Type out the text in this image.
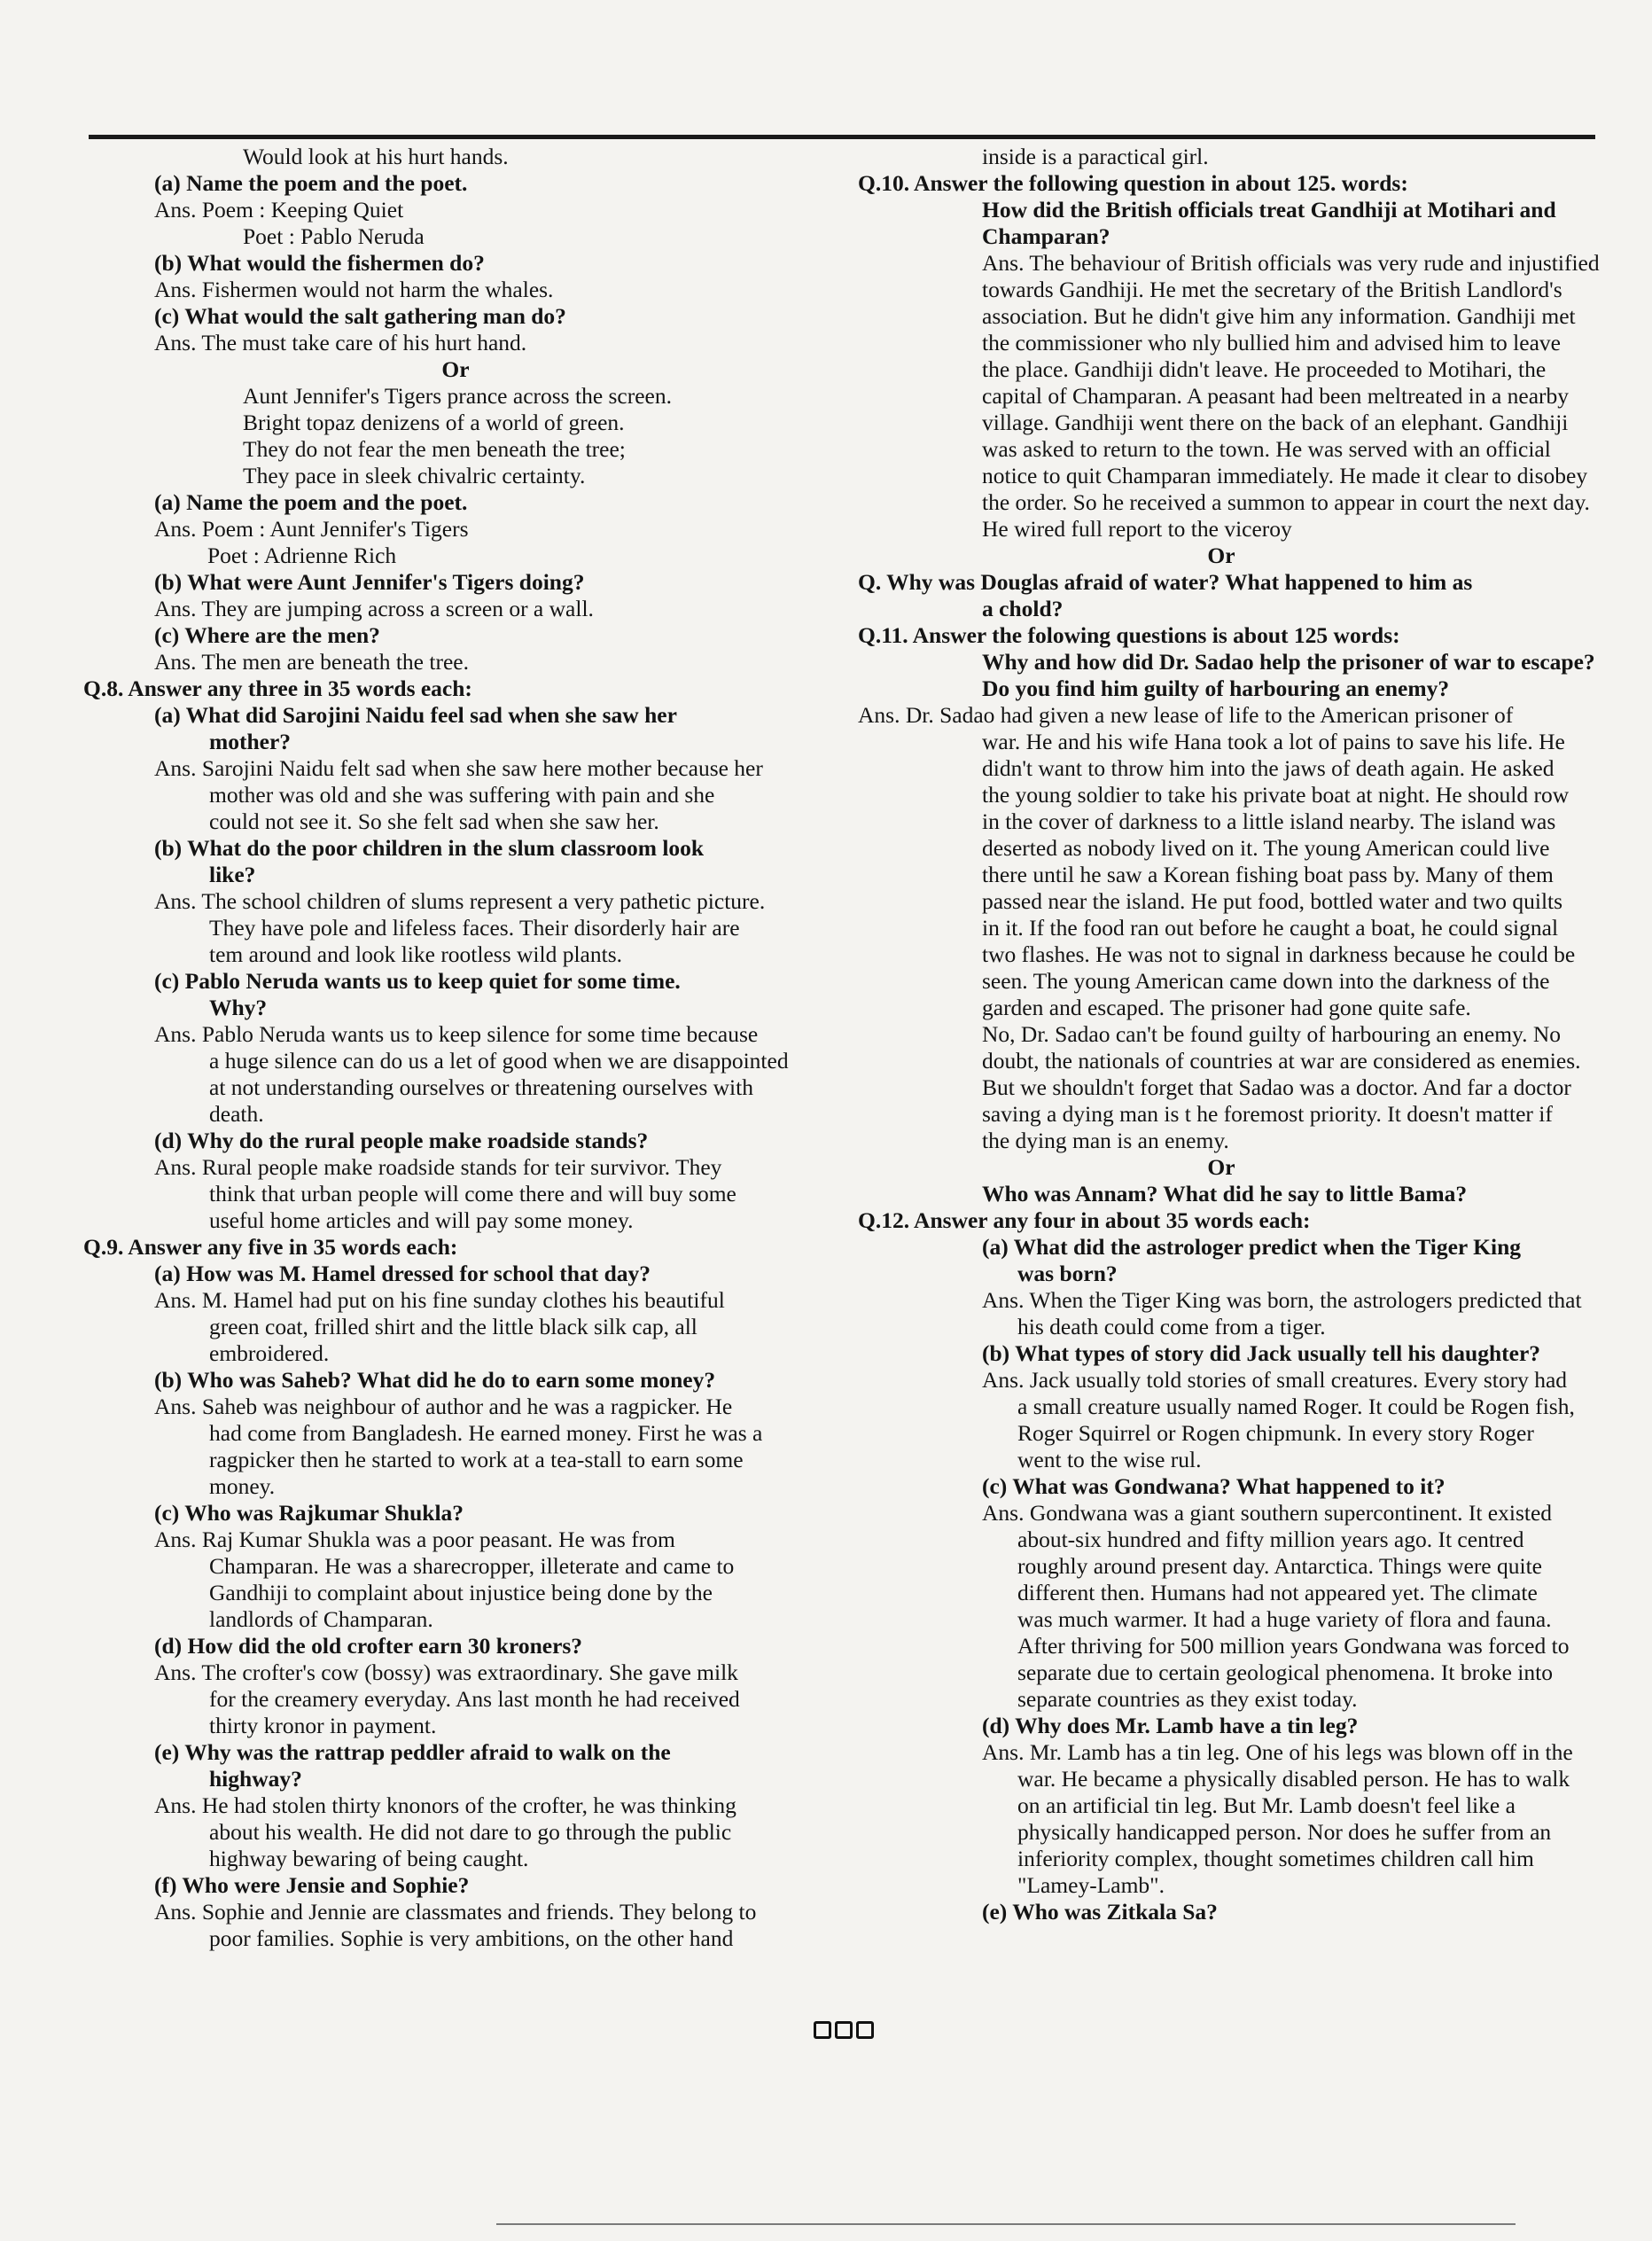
Would look at his hurt hands.
(a) Name the poem and the poet.
Ans. Poem : Keeping Quiet
Poet : Pablo Neruda
(b) What would the fishermen do?
Ans. Fishermen would not harm the whales.
(c) What would the salt gathering man do?
Ans. The must take care of his hurt hand.
Or
Aunt Jennifer's Tigers prance across the screen.
Bright topaz denizens of a world of green.
They do not fear the men beneath the tree;
They pace in sleek chivalric certainty.
(a) Name the poem and the poet.
Ans. Poem : Aunt Jennifer's Tigers
Poet : Adrienne Rich
(b) What were Aunt Jennifer's Tigers doing?
Ans. They are jumping across a screen or a wall.
(c) Where are the men?
Ans. The men are beneath the tree.
Q.8. Answer any three in 35 words each:
(a) What did Sarojini Naidu feel sad when she saw her
mother?
Ans. Sarojini Naidu felt sad when she saw here mother because her
mother was old and she was suffering with pain and she
could not see it. So she felt sad when she saw her.
(b) What do the poor children in the slum classroom look
like?
Ans. The school children of slums represent a very pathetic picture.
They have pole and lifeless faces. Their disorderly hair are
tem around and look like rootless wild plants.
(c) Pablo Neruda wants us to keep quiet for some time.
Why?
Ans. Pablo Neruda wants us to keep silence for some time because
a huge silence can do us a let of good when we are disappointed
at not understanding ourselves or threatening ourselves with
death.
(d) Why do the rural people make roadside stands?
Ans. Rural people make roadside stands for teir survivor. They
think that urban people will come there and will buy some
useful home articles and will pay some money.
Q.9. Answer any five in 35 words each:
(a) How was M. Hamel dressed for school that day?
Ans. M. Hamel had put on his fine sunday clothes his beautiful
green coat, frilled shirt and the little black silk cap, all
embroidered.
(b) Who was Saheb? What did he do to earn some money?
Ans. Saheb was neighbour of author and he was a ragpicker. He
had come from Bangladesh. He earned money. First he was a
ragpicker then he started to work at a tea-stall to earn some
money.
(c) Who was Rajkumar Shukla?
Ans. Raj Kumar Shukla was a poor peasant. He was from
Champaran. He was a sharecropper, illeterate and came to
Gandhiji to complaint about injustice being done by the
landlords of Champaran.
(d) How did the old crofter earn 30 kroners?
Ans. The crofter's cow (bossy) was extraordinary. She gave milk
for the creamery everyday. Ans last month he had received
thirty kronor in payment.
(e) Why was the rattrap peddler afraid to walk on the
highway?
Ans. He had stolen thirty knonors of the crofter, he was thinking
about his wealth. He did not dare to go through the public
highway bewaring of being caught.
(f) Who were Jensie and Sophie?
Ans. Sophie and Jennie are classmates and friends. They belong to
poor families. Sophie is very ambitions, on the other hand
inside is a paractical girl.
Q.10. Answer the following question in about 125. words:
How did the British officials treat Gandhiji at Motihari and
Champaran?
Ans. The behaviour of British officials was very rude and injustified
towards Gandhiji. He met the secretary of the British Landlord's
association. But he didn't give him any information. Gandhiji met
the commissioner who nly bullied him and advised him to leave
the place. Gandhiji didn't leave. He proceeded to Motihari, the
capital of Champaran. A peasant had been meltreated in a nearby
village. Gandhiji went there on the back of an elephant. Gandhiji
was asked to return to the town. He was served with an official
notice to quit Champaran immediately. He made it clear to disobey
the order. So he received a summon to appear in court the next day.
He wired full report to the viceroy
Or
Q. Why was Douglas afraid of water? What happened to him as
a chold?
Q.11. Answer the folowing questions is about 125 words:
Why and how did Dr. Sadao help the prisoner of war to escape?
Do you find him guilty of harbouring an enemy?
Ans. Dr. Sadao had given a new lease of life to the American prisoner of
war. He and his wife Hana took a lot of pains to save his life. He
didn't want to throw him into the jaws of death again. He asked
the young soldier to take his private boat at night. He should row
in the cover of darkness to a little island nearby. The island was
deserted as nobody lived on it. The young American could live
there until he saw a Korean fishing boat pass by. Many of them
passed near the island. He put food, bottled water and two quilts
in it. If the food ran out before he caught a boat, he could signal
two flashes. He was not to signal in darkness because he could be
seen. The young American came down into the darkness of the
garden and escaped. The prisoner had gone quite safe.
No, Dr. Sadao can't be found guilty of harbouring an enemy. No
doubt, the nationals of countries at war are considered as enemies.
But we shouldn't forget that Sadao was a doctor. And far a doctor
saving a dying man is t he foremost priority. It doesn't matter if
the dying man is an enemy.
Or
Who was Annam? What did he say to little Bama?
Q.12. Answer any four in about 35 words each:
(a) What did the astrologer predict when the Tiger King
was born?
Ans. When the Tiger King was born, the astrologers predicted that
his death could come from a tiger.
(b) What types of story did Jack usually tell his daughter?
Ans. Jack usually told stories of small creatures. Every story had
a small creature usually named Roger. It could be Rogen fish,
Roger Squirrel or Rogen chipmunk. In every story Roger
went to the wise rul.
(c) What was Gondwana? What happened to it?
Ans. Gondwana was a giant southern supercontinent. It existed
about-six hundred and fifty million years ago. It centred
roughly around present day. Antarctica. Things were quite
different then. Humans had not appeared yet. The climate
was much warmer. It had a huge variety of flora and fauna.
After thriving for 500 million years Gondwana was forced to
separate due to certain geological phenomena. It broke into
separate countries as they exist today.
(d) Why does Mr. Lamb have a tin leg?
Ans. Mr. Lamb has a tin leg. One of his legs was blown off in the
war. He became a physically disabled person. He has to walk
on an artificial tin leg. But Mr. Lamb doesn't feel like a
physically handicapped person. Nor does he suffer from an
inferiority complex, thought sometimes children call him
"Lamey-Lamb".
(e) Who was Zitkala Sa?
